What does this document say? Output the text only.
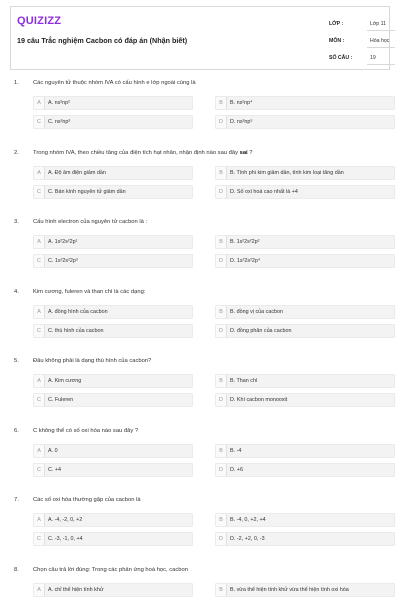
QUIZIZZ
19 câu Trắc nghiệm Cacbon có đáp án (Nhận biết)
LỚP :	Lớp 11
MÔN :	Hóa học
SỐ CÂU :	19
1. Các nguyên tử thuộc nhóm IVA có cấu hình e lớp ngoài cùng là
A	A. ns²np²	B	B. ns²np⁴
C	C. ns²np³	D	D. ns²np⁵
2. Trong nhóm IVA, theo chiều tăng của điện tích hạt nhân, nhận định nào sau đây sai ?
A	A. Độ âm điện giảm dần	B	B. Tính phi kim giảm dần, tính kim loại tăng dần
C	C. Bán kính nguyên tử giảm dần	D	D. Số oxi hoá cao nhất là +4
3. Cấu hình electron của nguyên tử cacbon là :
A	A. 1s²2s²2p¹	B	B. 1s²2s²2p²
C	C. 1s²2s²2p³	D	D. 1s²2s²2p⁴
4. Kim cương, fuleren và than chì là các dạng:
A	A. đồng hình của cacbon	B	B. đồng vị của cacbon
C	C. thù hình của cacbon	D	D. đồng phân của cacbon
5. Đâu không phải là dạng thù hình của cacbon?
A	A. Kim cương	B	B. Than chì
C	C. Fuleren	D	D. Khí cacbon monooxit
6. C không thể có số oxi hóa nào sau đây ?
A	A. 0	B	B. -4
C	C. +4	D	D. +6
7. Các số oxi hóa thường gặp của cacbon là
A	A. -4, -2, 0, +2	B	B. -4, 0, +2, +4
C	C. -3, -1, 0, +4	D	D. -2, +2, 0, -3
8. Chọn câu trả lời đúng: Trong các phản ứng hoá học, cacbon
A	A. chỉ thể hiện tính khử	B	B. vừa thể hiện tính khử vừa thể hiện tính oxi hóa
